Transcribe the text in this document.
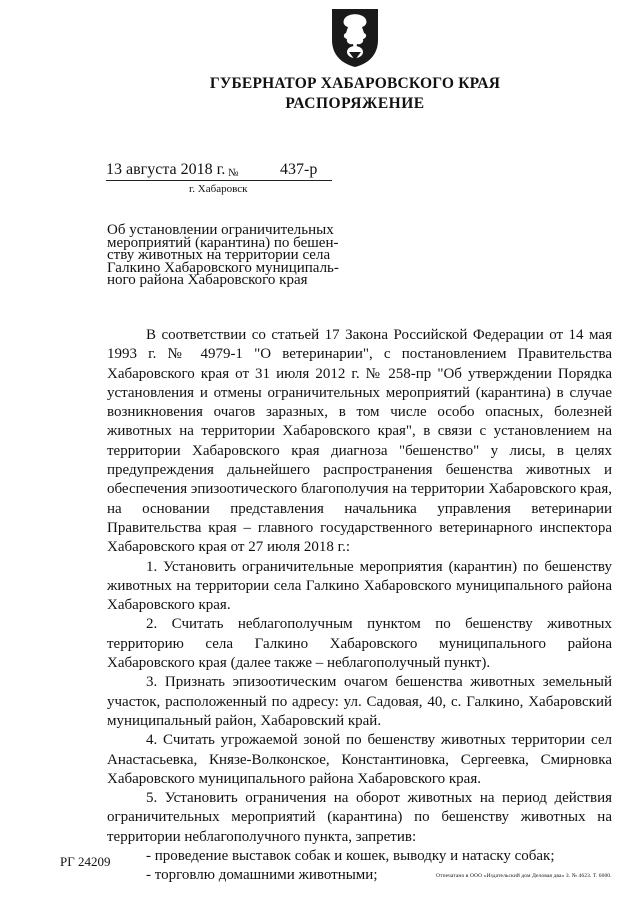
ГУБЕРНАТОР ХАБАРОВСКОГО КРАЯ
РАСПОРЯЖЕНИЕ
13 августа 2018 г. №	437-р
г. Хабаровск
Об установлении ограничительных
мероприятий (карантина) по бешен-
ству животных на территории села
Галкино Хабаровского муниципаль-
ного района Хабаровского края

В соответствии со статьей 17 Закона Российской Федерации от 14 мая 1993 г. № 4979-1 "О ветеринарии", с постановлением Правительства Хабаровского края от 31 июля 2012 г. № 258-пр "Об утверждении Порядка установления и отмены ограничительных мероприятий (карантина) в случае возникновения очагов заразных, в том числе особо опасных, болезней животных на территории Хабаровского края", в связи с установлением на территории Хабаровского края диагноза "бешенство" у лисы, в целях предупреждения дальнейшего распространения бешенства животных и обеспечения эпизоотического благополучия на территории Хабаровского края, на основании представления начальника управления ветеринарии Правительства края – главного государственного ветеринарного инспектора Хабаровского края от 27 июля 2018 г.:

1. Установить ограничительные мероприятия (карантин) по бешенству животных на территории села Галкино Хабаровского муниципального района Хабаровского края.

2. Считать неблагополучным пунктом по бешенству животных территорию села Галкино Хабаровского муниципального района Хабаровского края (далее также – неблагополучный пункт).

3. Признать эпизоотическим очагом бешенства животных земельный участок, расположенный по адресу: ул. Садовая, 40, с. Галкино, Хабаровский муниципальный район, Хабаровский край.

4. Считать угрожаемой зоной по бешенству животных территории сел Анастасьевка, Князе-Волконское, Константиновка, Сергеевка, Смирновка Хабаровского муниципального района Хабаровского края.

5. Установить ограничения на оборот животных на период действия ограничительных мероприятий (карантина) по бешенству животных на территории неблагополучного пункта, запретив:

- проведение выставок собак и кошек, выводку и натаску собак;

- торговлю домашними животными;

РГ 24209
Отпечатано в ООО «Издательский дом Деловая два» З. № 4623. Т. 6000.
